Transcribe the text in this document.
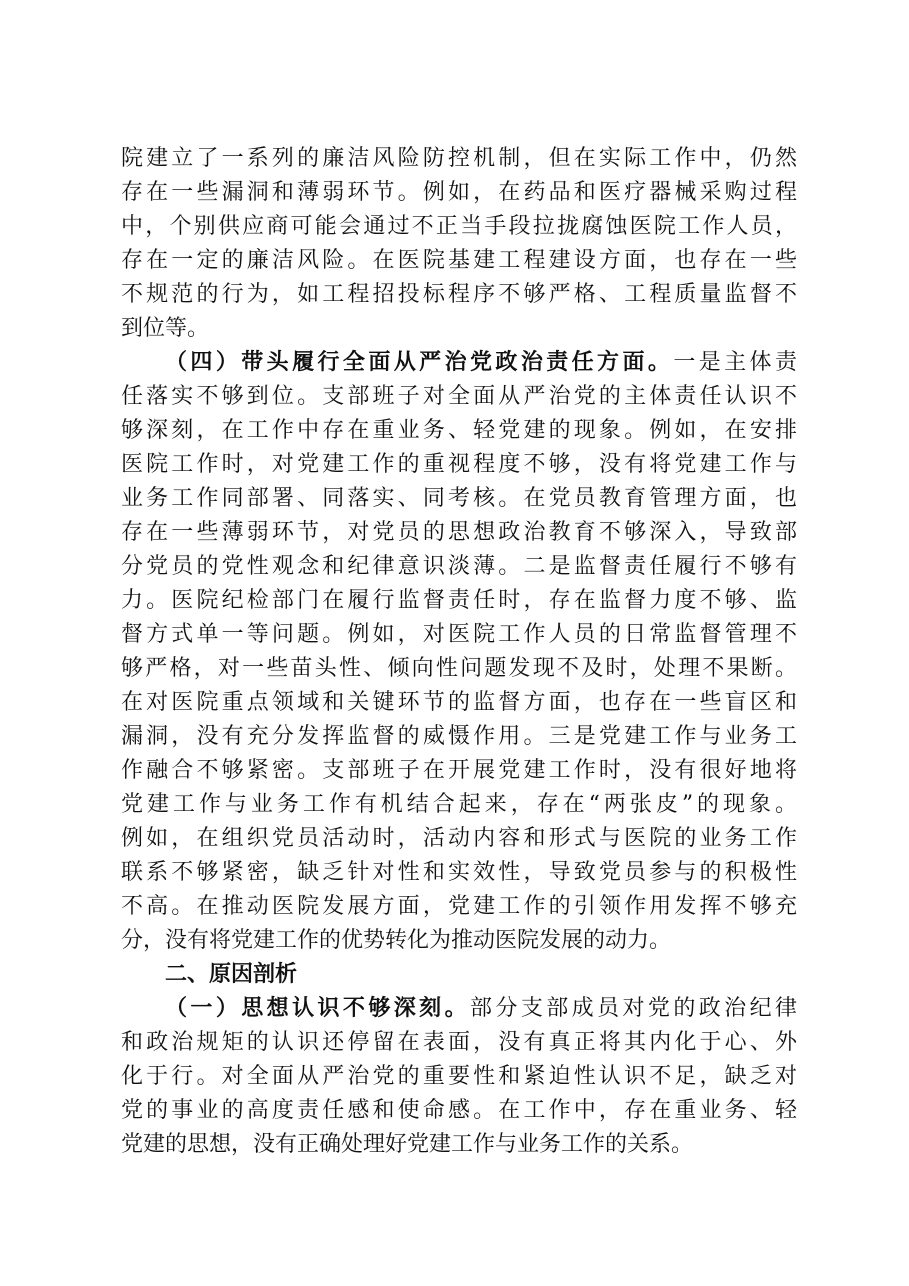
院建立了一系列的廉洁风险防控机制，但在实际工作中，仍然
存在一些漏洞和薄弱环节。例如，在药品和医疗器械采购过程
中，个别供应商可能会通过不正当手段拉拢腐蚀医院工作人员，
存在一定的廉洁风险。在医院基建工程建设方面，也存在一些
不规范的行为，如工程招投标程序不够严格、工程质量监督不
到位等。
（四）带头履行全面从严治党政治责任方面。一是主体责
任落实不够到位。支部班子对全面从严治党的主体责任认识不
够深刻，在工作中存在重业务、轻党建的现象。例如，在安排
医院工作时，对党建工作的重视程度不够，没有将党建工作与
业务工作同部署、同落实、同考核。在党员教育管理方面，也
存在一些薄弱环节，对党员的思想政治教育不够深入，导致部
分党员的党性观念和纪律意识淡薄。二是监督责任履行不够有
力。医院纪检部门在履行监督责任时，存在监督力度不够、监
督方式单一等问题。例如，对医院工作人员的日常监督管理不
够严格，对一些苗头性、倾向性问题发现不及时，处理不果断。
在对医院重点领域和关键环节的监督方面，也存在一些盲区和
漏洞，没有充分发挥监督的威慑作用。三是党建工作与业务工
作融合不够紧密。支部班子在开展党建工作时，没有很好地将
党建工作与业务工作有机结合起来，存在“两张皮”的现象。
例如，在组织党员活动时，活动内容和形式与医院的业务工作
联系不够紧密，缺乏针对性和实效性，导致党员参与的积极性
不高。在推动医院发展方面，党建工作的引领作用发挥不够充
分，没有将党建工作的优势转化为推动医院发展的动力。
二、原因剖析
（一）思想认识不够深刻。部分支部成员对党的政治纪律
和政治规矩的认识还停留在表面，没有真正将其内化于心、外
化于行。对全面从严治党的重要性和紧迫性认识不足，缺乏对
党的事业的高度责任感和使命感。在工作中，存在重业务、轻
党建的思想，没有正确处理好党建工作与业务工作的关系。
